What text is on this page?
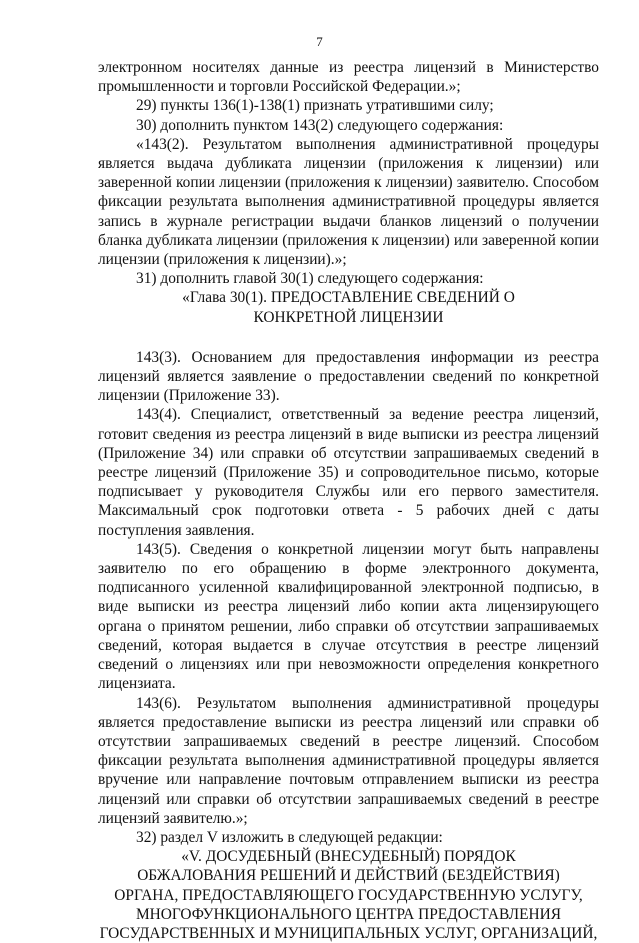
7

электронном носителях данные из реестра лицензий в Министерство промышленности и торговли Российской Федерации.»;

29) пункты 136(1)-138(1) признать утратившими силу;

30) дополнить пунктом 143(2) следующего содержания:

«143(2). Результатом выполнения административной процедуры является выдача дубликата лицензии (приложения к лицензии) или заверенной копии лицензии (приложения к лицензии) заявителю. Способом фиксации результата выполнения административной процедуры является запись в журнале регистрации выдачи бланков лицензий о получении бланка дубликата лицензии (приложения к лицензии) или заверенной копии лицензии (приложения к лицензии).»;

31) дополнить главой 30(1) следующего содержания:

«Глава 30(1). ПРЕДОСТАВЛЕНИЕ СВЕДЕНИЙ О

КОНКРЕТНОЙ ЛИЦЕНЗИИ

143(3). Основанием для предоставления информации из реестра лицензий является заявление о предоставлении сведений по конкретной лицензии (Приложение 33).

143(4). Специалист, ответственный за ведение реестра лицензий, готовит сведения из реестра лицензий в виде выписки из реестра лицензий (Приложение 34) или справки об отсутствии запрашиваемых сведений в реестре лицензий (Приложение 35) и сопроводительное письмо, которые подписывает у руководителя Службы или его первого заместителя. Максимальный срок подготовки ответа - 5 рабочих дней с даты поступления заявления.

143(5). Сведения о конкретной лицензии могут быть направлены заявителю по его обращению в форме электронного документа, подписанного усиленной квалифицированной электронной подписью, в виде выписки из реестра лицензий либо копии акта лицензирующего органа о принятом решении, либо справки об отсутствии запрашиваемых сведений, которая выдается в случае отсутствия в реестре лицензий сведений о лицензиях или при невозможности определения конкретного лицензиата.

143(6). Результатом выполнения административной процедуры является предоставление выписки из реестра лицензий или справки об отсутствии запрашиваемых сведений в реестре лицензий. Способом фиксации результата выполнения административной процедуры является вручение или направление почтовым отправлением выписки из реестра лицензий или справки об отсутствии запрашиваемых сведений в реестре лицензий заявителю.»;

32) раздел V изложить в следующей редакции:

«V. ДОСУДЕБНЫЙ (ВНЕСУДЕБНЫЙ) ПОРЯДОК

ОБЖАЛОВАНИЯ РЕШЕНИЙ И ДЕЙСТВИЙ (БЕЗДЕЙСТВИЯ)

ОРГАНА, ПРЕДОСТАВЛЯЮЩЕГО ГОСУДАРСТВЕННУЮ УСЛУГУ,

МНОГОФУНКЦИОНАЛЬНОГО ЦЕНТРА ПРЕДОСТАВЛЕНИЯ

ГОСУДАРСТВЕННЫХ И МУНИЦИПАЛЬНЫХ УСЛУГ, ОРГАНИЗАЦИЙ,
